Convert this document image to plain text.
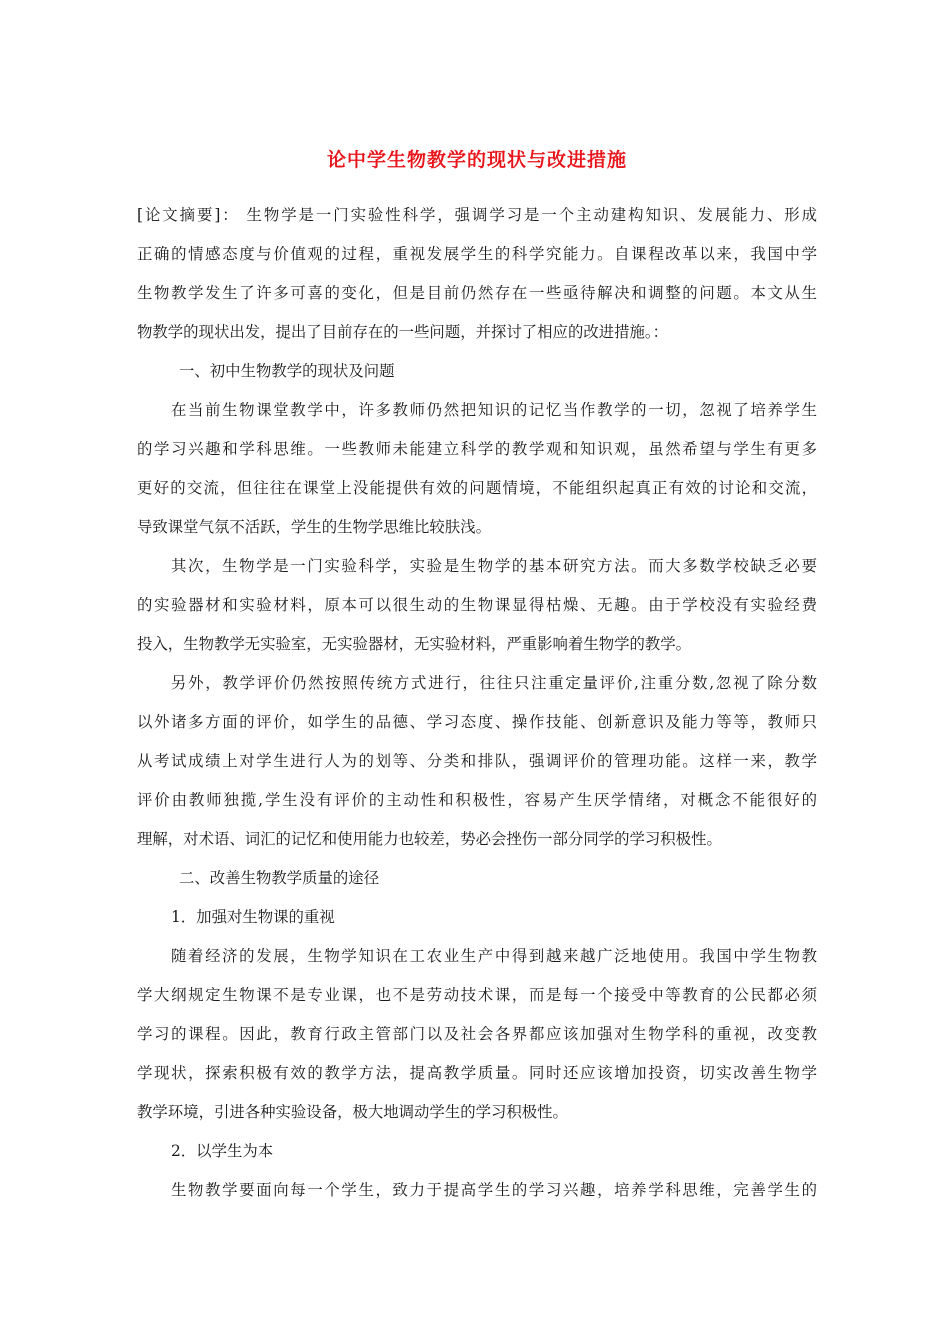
论中学生物教学的现状与改进措施
[论文摘要]： 生物学是一门实验性科学，强调学习是一个主动建构知识、发展能力、形成
正确的情感态度与价值观的过程，重视发展学生的科学究能力。自课程改革以来，我国中学
生物教学发生了许多可喜的变化，但是目前仍然存在一些亟待解决和调整的问题。本文从生
物教学的现状出发，提出了目前存在的一些问题，并探讨了相应的改进措施。：
一、初中生物教学的现状及问题
在当前生物课堂教学中，许多教师仍然把知识的记忆当作教学的一切，忽视了培养学生
的学习兴趣和学科思维。一些教师未能建立科学的教学观和知识观，虽然希望与学生有更多
更好的交流，但往往在课堂上没能提供有效的问题情境，不能组织起真正有效的讨论和交流，
导致课堂气氛不活跃，学生的生物学思维比较肤浅。
其次，生物学是一门实验科学，实验是生物学的基本研究方法。而大多数学校缺乏必要
的实验器材和实验材料，原本可以很生动的生物课显得枯燥、无趣。由于学校没有实验经费
投入，生物教学无实验室，无实验器材，无实验材料，严重影响着生物学的教学。
另外，教学评价仍然按照传统方式进行，往往只注重定量评价,注重分数,忽视了除分数
以外诸多方面的评价，如学生的品德、学习态度、操作技能、创新意识及能力等等，教师只
从考试成绩上对学生进行人为的划等、分类和排队，强调评价的管理功能。这样一来，教学
评价由教师独揽,学生没有评价的主动性和积极性，容易产生厌学情绪，对概念不能很好的
理解，对术语、词汇的记忆和使用能力也较差，势必会挫伤一部分同学的学习积极性。
二、改善生物教学质量的途径
1．加强对生物课的重视
随着经济的发展，生物学知识在工农业生产中得到越来越广泛地使用。我国中学生物教
学大纲规定生物课不是专业课，也不是劳动技术课，而是每一个接受中等教育的公民都必须
学习的课程。因此，教育行政主管部门以及社会各界都应该加强对生物学科的重视，改变教
学现状，探索积极有效的教学方法，提高教学质量。同时还应该增加投资，切实改善生物学
教学环境，引进各种实验设备，极大地调动学生的学习积极性。
2．以学生为本
生物教学要面向每一个学生，致力于提高学生的学习兴趣，培养学科思维，完善学生的
